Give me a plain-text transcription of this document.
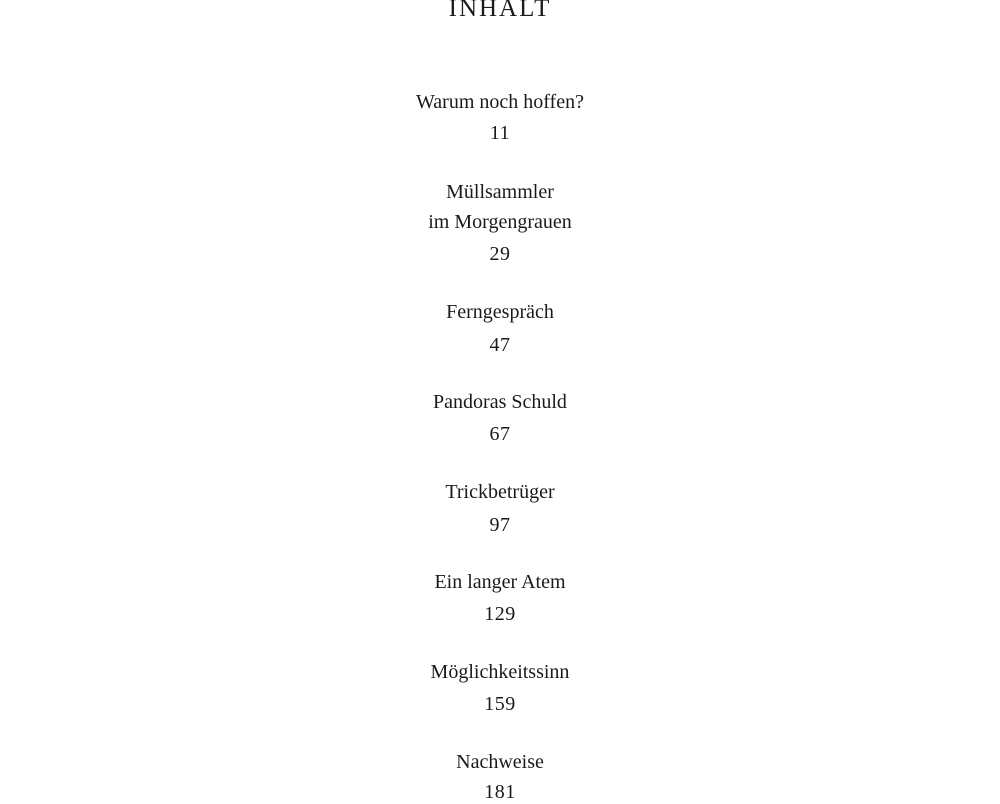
INHALT
Warum noch hoffen?
11
Müllsammler
im Morgengrauen
29
Ferngespräch
47
Pandoras Schuld
67
Trickbetrüger
97
Ein langer Atem
129
Möglichkeitssinn
159
Nachweise
181
